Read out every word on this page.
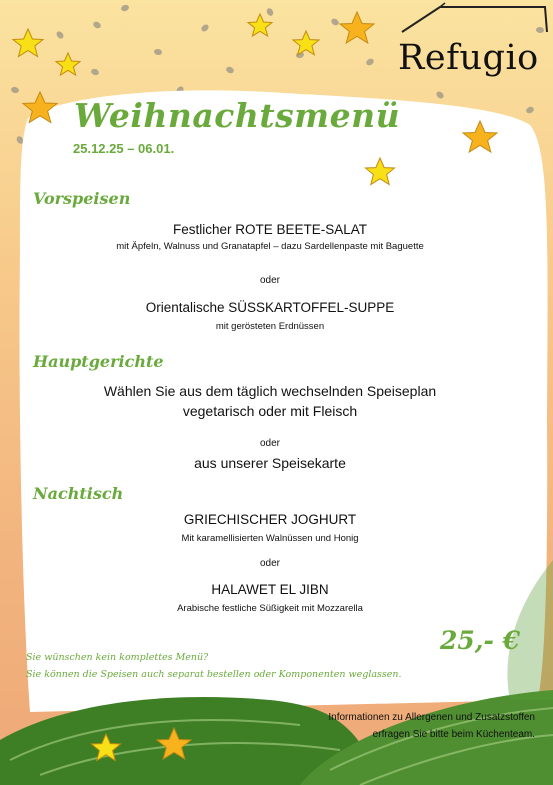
Refugio
Weihnachtsmenü
25.12.25 – 06.01.
Vorspeisen
Festlicher ROTE BEETE-SALAT
mit Äpfeln, Walnuss und Granatapfel – dazu Sardellenpaste mit Baguette
oder
Orientalische SÜSSKARTOFFEL-SUPPE
mit gerösteten Erdnüssen
Hauptgerichte
Wählen Sie aus dem täglich wechselnden Speiseplan
vegetarisch oder mit Fleisch
oder
aus unserer Speisekarte
Nachtisch
GRIECHISCHER JOGHURT
Mit karamellisierten Walnüssen und Honig
oder
HALAWET EL JIBN
Arabische festliche Süßigkeit mit Mozzarella
25,- €
Sie wünschen kein komplettes Menü?
Sie können die Speisen auch separat bestellen oder Komponenten weglassen.
Informationen zu Allergenen und Zusatzstoffen
erfragen Sie bitte beim Küchenteam.
